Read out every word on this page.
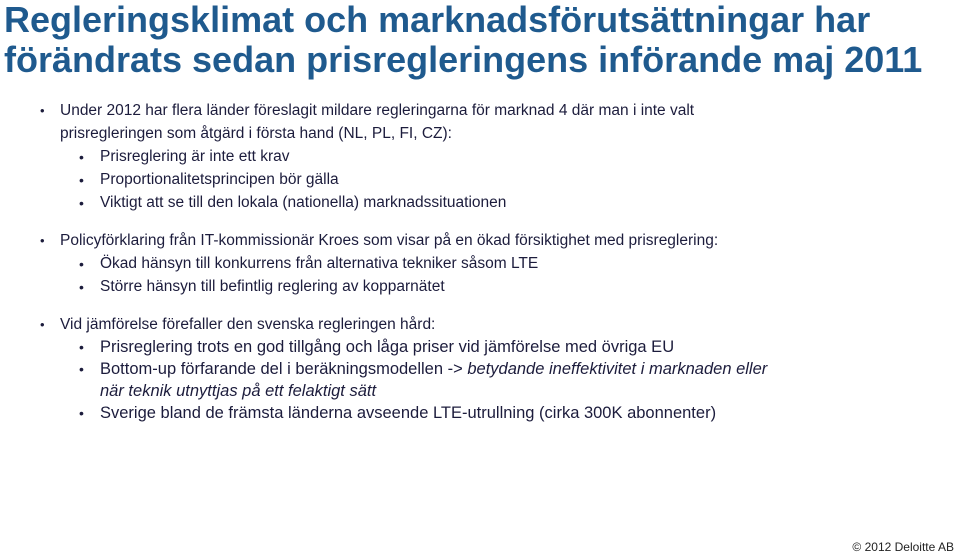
Regleringsklimat och marknadsförutsättningar har
förändrats sedan prisregleringens införande maj 2011
• Under 2012 har flera länder föreslagit mildare regleringarna för marknad 4 där man i inte valt
prisregleringen som åtgärd i första hand (NL, PL, FI, CZ):
• Prisreglering är inte ett krav
• Proportionalitetsprincipen bör gälla
• Viktigt att se till den lokala (nationella) marknadssituationen
• Policyförklaring från IT-kommissionär Kroes som visar på en ökad försiktighet med prisreglering:
• Ökad hänsyn till konkurrens från alternativa tekniker såsom LTE
• Större hänsyn till befintlig reglering av kopparnätet
• Vid jämförelse förefaller den svenska regleringen hård:
• Prisreglering trots en god tillgång och låga priser vid jämförelse med övriga EU
• Bottom-up förfarande del i beräkningsmodellen -> betydande ineffektivitet i marknaden eller
när teknik utnyttjas på ett felaktigt sätt
• Sverige bland de främsta länderna avseende LTE-utrullning (cirka 300K abonnenter)
© 2012 Deloitte AB
